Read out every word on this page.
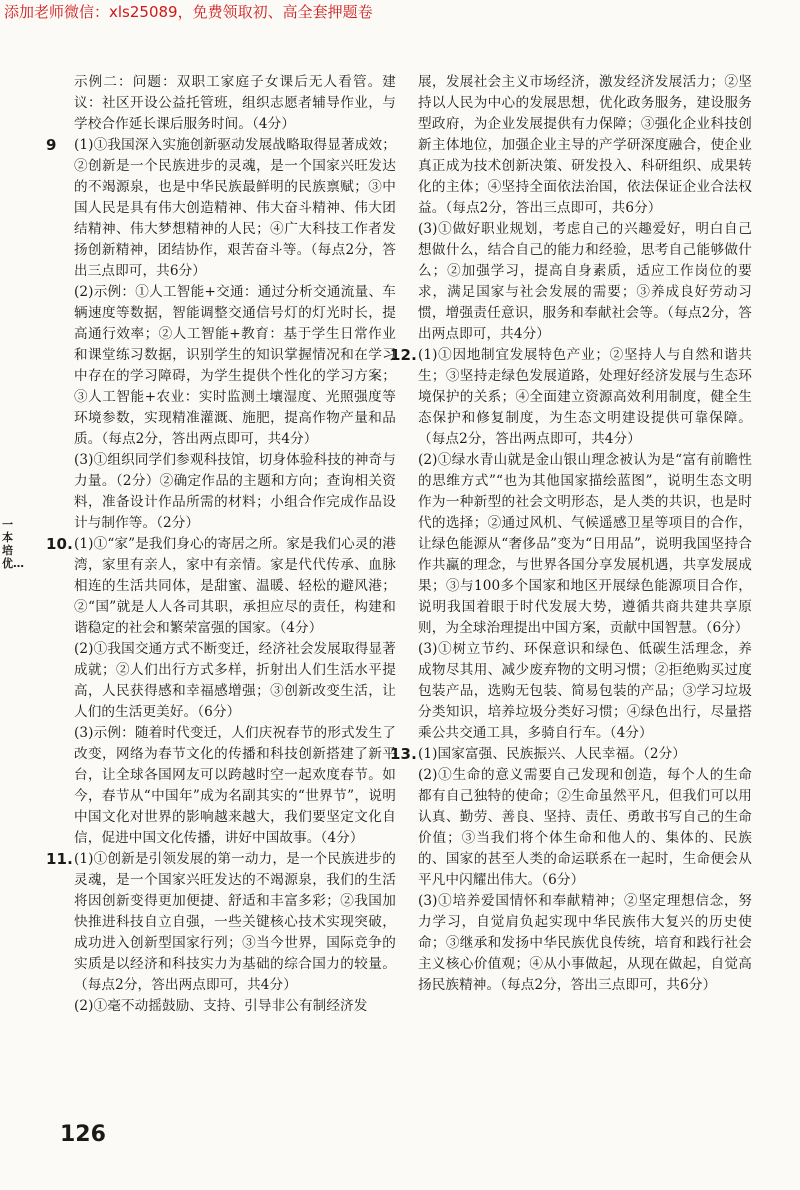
添加老师微信：xls25089，免费领取初、高全套押题卷
一本培优…

示例二：问题：双职工家庭子女课后无人看管。建议：社区开设公益托管班，组织志愿者辅导作业，与学校合作延长课后服务时间。（4分）

9 (1)①我国深入实施创新驱动发展战略取得显著成效；②创新是一个民族进步的灵魂，是一个国家兴旺发达的不竭源泉，也是中华民族最鲜明的民族禀赋；③中国人民是具有伟大创造精神、伟大奋斗精神、伟大团结精神、伟大梦想精神的人民；④广大科技工作者发扬创新精神，团结协作，艰苦奋斗等。（每点2分，答出三点即可，共6分）

(2)示例：①人工智能+交通：通过分析交通流量、车辆速度等数据，智能调整交通信号灯的灯光时长，提高通行效率；②人工智能+教育：基于学生日常作业和课堂练习数据，识别学生的知识掌握情况和在学习中存在的学习障碍，为学生提供个性化的学习方案；③人工智能+农业：实时监测土壤湿度、光照强度等环境参数，实现精准灌溉、施肥，提高作物产量和品质。（每点2分，答出两点即可，共4分）

(3)①组织同学们参观科技馆，切身体验科技的神奇与力量。（2分）②确定作品的主题和方向；查询相关资料，准备设计作品所需的材料；小组合作完成作品设计与制作等。（2分）

10. (1)①“家”是我们身心的寄居之所。家是我们心灵的港湾，家里有亲人，家中有亲情。家是代代传承、血脉相连的生活共同体，是甜蜜、温暖、轻松的避风港；②“国”就是人人各司其职，承担应尽的责任，构建和谐稳定的社会和繁荣富强的国家。（4分）

(2)①我国交通方式不断变迁，经济社会发展取得显著成就；②人们出行方式多样，折射出人们生活水平提高，人民获得感和幸福感增强；③创新改变生活，让人们的生活更美好。（6分）

(3)示例：随着时代变迁，人们庆祝春节的形式发生了改变，网络为春节文化的传播和科技创新搭建了新平台，让全球各国网友可以跨越时空一起欢度春节。如今，春节从“中国年”成为名副其实的“世界节”，说明中国文化对世界的影响越来越大，我们要坚定文化自信，促进中国文化传播，讲好中国故事。（4分）

11. (1)①创新是引领发展的第一动力，是一个民族进步的灵魂，是一个国家兴旺发达的不竭源泉，我们的生活将因创新变得更加便捷、舒适和丰富多彩；②我国加快推进科技自立自强，一些关键核心技术实现突破，成功进入创新型国家行列；③当今世界，国际竞争的实质是以经济和科技实力为基础的综合国力的较量。（每点2分，答出两点即可，共4分）

(2)①毫不动摇鼓励、支持、引导非公有制经济发

展，发展社会主义市场经济，激发经济发展活力；②坚持以人民为中心的发展思想，优化政务服务，建设服务型政府，为企业发展提供有力保障；③强化企业科技创新主体地位，加强企业主导的产学研深度融合，使企业真正成为技术创新决策、研发投入、科研组织、成果转化的主体；④坚持全面依法治国，依法保证企业合法权益。（每点2分，答出三点即可，共6分）

(3)①做好职业规划，考虑自己的兴趣爱好，明白自己想做什么，结合自己的能力和经验，思考自己能够做什么；②加强学习，提高自身素质，适应工作岗位的要求，满足国家与社会发展的需要；③养成良好劳动习惯，增强责任意识，服务和奉献社会等。（每点2分，答出两点即可，共4分）

12. (1)①因地制宜发展特色产业；②坚持人与自然和谐共生；③坚持走绿色发展道路，处理好经济发展与生态环境保护的关系；④全面建立资源高效利用制度，健全生态保护和修复制度，为生态文明建设提供可靠保障。（每点2分，答出两点即可，共4分）

(2)①绿水青山就是金山银山理念被认为是“富有前瞻性的思维方式”“也为其他国家描绘蓝图”，说明生态文明作为一种新型的社会文明形态，是人类的共识，也是时代的选择；②通过风机、气候遥感卫星等项目的合作，让绿色能源从“奢侈品”变为“日用品”，说明我国坚持合作共赢的理念，与世界各国分享发展机遇，共享发展成果；③与100多个国家和地区开展绿色能源项目合作，说明我国着眼于时代发展大势，遵循共商共建共享原则，为全球治理提出中国方案，贡献中国智慧。（6分）

(3)①树立节约、环保意识和绿色、低碳生活理念，养成物尽其用、减少废弃物的文明习惯；②拒绝购买过度包装产品，选购无包装、简易包装的产品；③学习垃圾分类知识，培养垃圾分类好习惯；④绿色出行，尽量搭乘公共交通工具，多骑自行车。（4分）

13. (1)国家富强、民族振兴、人民幸福。（2分）

(2)①生命的意义需要自己发现和创造，每个人的生命都有自己独特的使命；②生命虽然平凡，但我们可以用认真、勤劳、善良、坚持、责任、勇敢书写自己的生命价值；③当我们将个体生命和他人的、集体的、民族的、国家的甚至人类的命运联系在一起时，生命便会从平凡中闪耀出伟大。（6分）

(3)①培养爱国情怀和奉献精神；②坚定理想信念，努力学习，自觉肩负起实现中华民族伟大复兴的历史使命；③继承和发扬中华民族优良传统，培育和践行社会主义核心价值观；④从小事做起，从现在做起，自觉高扬民族精神。（每点2分，答出三点即可，共6分）

126
